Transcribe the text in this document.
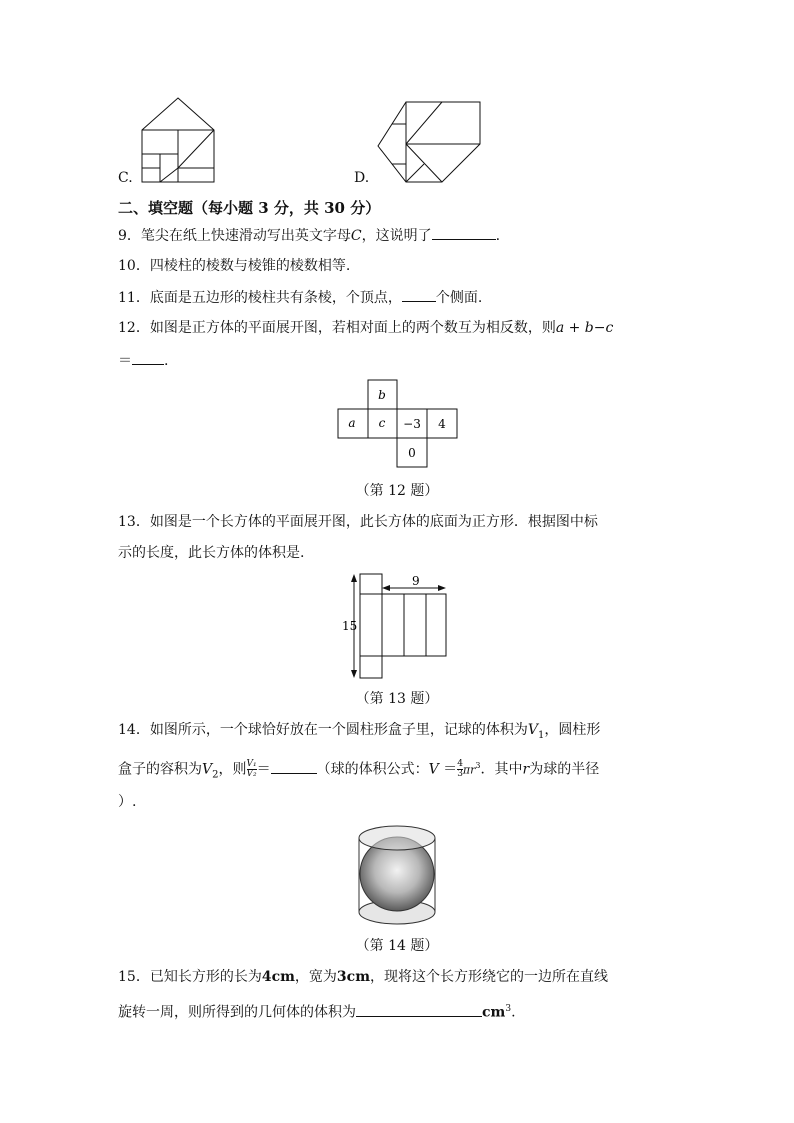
C.	D.
二、填空题（每小题 3 分，共 30 分）
9．笔尖在纸上快速滑动写出英文字母C，这说明了	.
10．四棱柱的棱数与棱锥的棱数相等.
11．底面是五边形的棱柱共有条棱，个顶点， 个侧面.
12．如图是正方体的平面展开图，若相对面上的两个数互为相反数，则a + b−c
＝ .
b
a c −3 4
0
（第 12 题）
13．如图是一个长方体的平面展开图，此长方体的底面为正方形．根据图中标
示的长度，此长方体的体积是.
15
9
（第 13 题）
14．如图所示，一个球恰好放在一个圆柱形盒子里，记球的体积为$V_1$，圆柱形
盒子的容积为$V_2$，则 $\frac{\text{V₁}}{\text{V₂}}$ ＝	（球的体积公式：$V = \frac{4}{3} \pi r^3$．其中r为球的半径
）.
（第 14 题）
15．已知长方形的长为4cm，宽为3cm，现将这个长方形绕它的一边所在直线
旋转一周，则所得到的几何体的体积为	$cm^3$.
